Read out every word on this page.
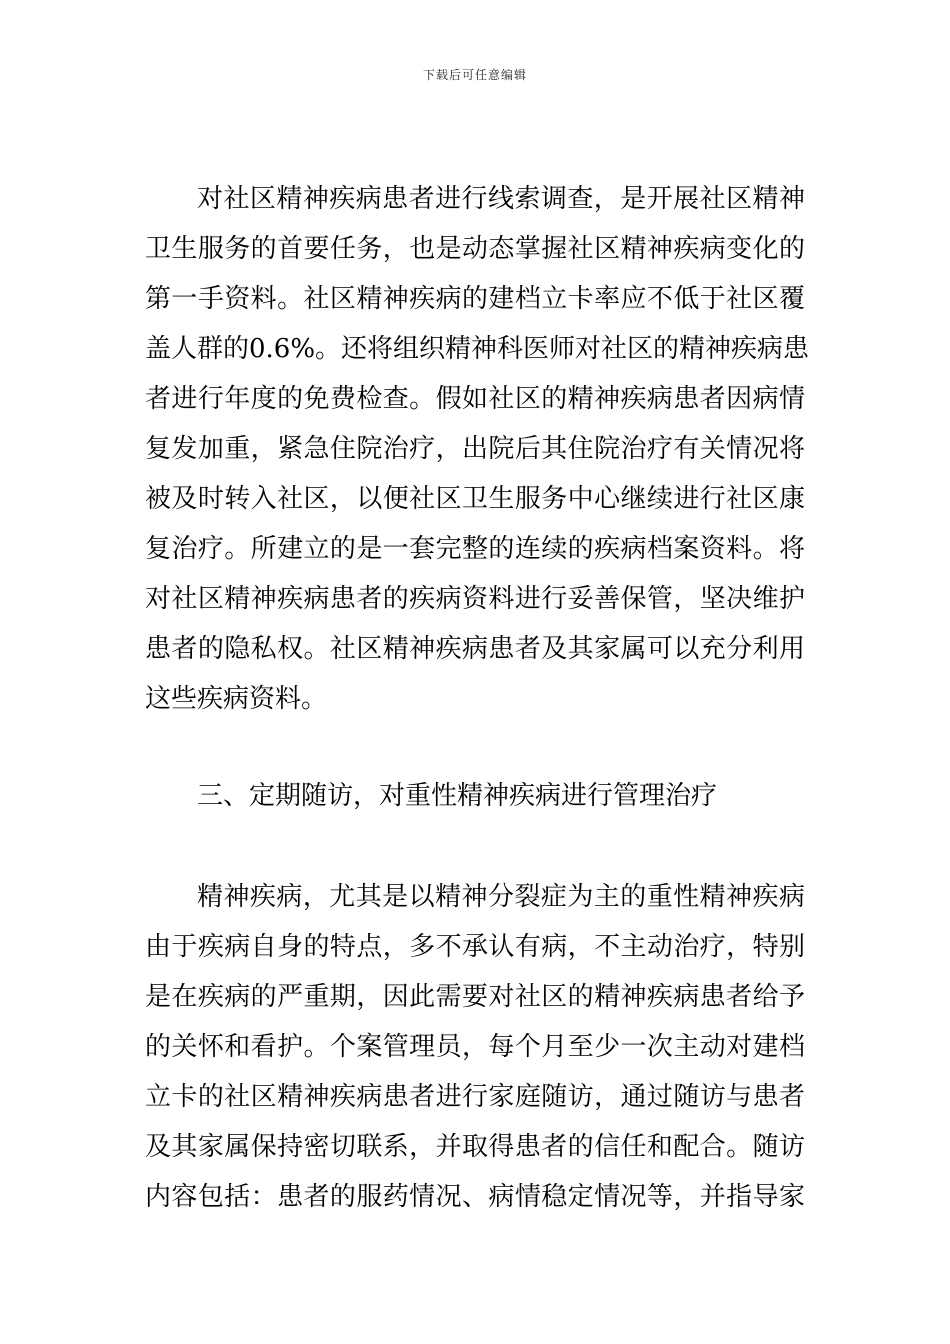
下载后可任意编辑
对社区精神疾病患者进行线索调查，是开展社区精神
卫生服务的首要任务，也是动态掌握社区精神疾病变化的
第一手资料。社区精神疾病的建档立卡率应不低于社区覆
盖人群的0.6%。还将组织精神科医师对社区的精神疾病患
者进行年度的免费检查。假如社区的精神疾病患者因病情
复发加重，紧急住院治疗，出院后其住院治疗有关情况将
被及时转入社区，以便社区卫生服务中心继续进行社区康
复治疗。所建立的是一套完整的连续的疾病档案资料。将
对社区精神疾病患者的疾病资料进行妥善保管，坚决维护
患者的隐私权。社区精神疾病患者及其家属可以充分利用
这些疾病资料。
三、定期随访，对重性精神疾病进行管理治疗
精神疾病，尤其是以精神分裂症为主的重性精神疾病
由于疾病自身的特点，多不承认有病，不主动治疗，特别
是在疾病的严重期，因此需要对社区的精神疾病患者给予
的关怀和看护。个案管理员，每个月至少一次主动对建档
立卡的社区精神疾病患者进行家庭随访，通过随访与患者
及其家属保持密切联系，并取得患者的信任和配合。随访
内容包括：患者的服药情况、病情稳定情况等，并指导家
